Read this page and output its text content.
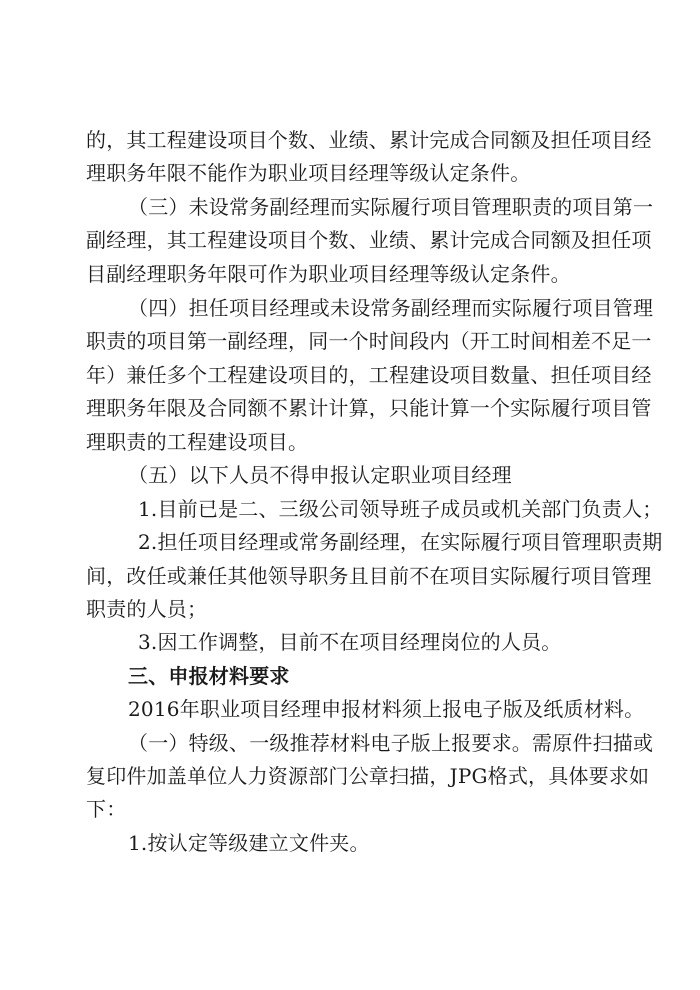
的，其工程建设项目个数、业绩、累计完成合同额及担任项目经
理职务年限不能作为职业项目经理等级认定条件。
（三）未设常务副经理而实际履行项目管理职责的项目第一
副经理，其工程建设项目个数、业绩、累计完成合同额及担任项
目副经理职务年限可作为职业项目经理等级认定条件。
（四）担任项目经理或未设常务副经理而实际履行项目管理
职责的项目第一副经理，同一个时间段内（开工时间相差不足一
年）兼任多个工程建设项目的，工程建设项目数量、担任项目经
理职务年限及合同额不累计计算，只能计算一个实际履行项目管
理职责的工程建设项目。
（五）以下人员不得申报认定职业项目经理
1.目前已是二、三级公司领导班子成员或机关部门负责人；
2.担任项目经理或常务副经理，在实际履行项目管理职责期
间，改任或兼任其他领导职务且目前不在项目实际履行项目管理
职责的人员；
3.因工作调整，目前不在项目经理岗位的人员。
三、申报材料要求
2016年职业项目经理申报材料须上报电子版及纸质材料。
（一）特级、一级推荐材料电子版上报要求。需原件扫描或
复印件加盖单位人力资源部门公章扫描，JPG格式，具体要求如
下：
1.按认定等级建立文件夹。
